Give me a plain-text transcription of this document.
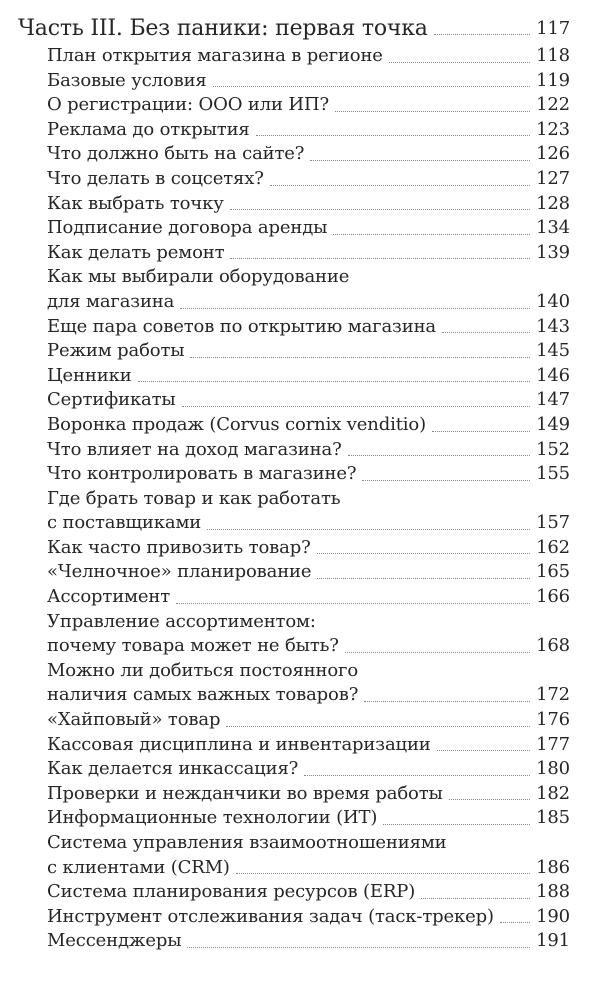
Часть III. Без паники: первая точка	117
План открытия магазина в регионе	118
Базовые условия	119
О регистрации: ООО или ИП?	122
Реклама до открытия	123
Что должно быть на сайте?	126
Что делать в соцсетях?	127
Как выбрать точку	128
Подписание договора аренды	134
Как делать ремонт	139
Как мы выбирали оборудование
для магазина	140
Еще пара советов по открытию магазина	143
Режим работы	145
Ценники	146
Сертификаты	147
Воронка продаж (Corvus cornix venditio)	149
Что влияет на доход магазина?	152
Что контролировать в магазине?	155
Где брать товар и как работать
с поставщиками	157
Как часто привозить товар?	162
«Челночное» планирование	165
Ассортимент	166
Управление ассортиментом:
почему товара может не быть?	168
Можно ли добиться постоянного
наличия самых важных товаров?	172
«Хайповый» товар	176
Кассовая дисциплина и инвентаризации	177
Как делается инкассация?	180
Проверки и нежданчики во время работы	182
Информационные технологии (ИТ)	185
Система управления взаимоотношениями
с клиентами (CRM)	186
Система планирования ресурсов (ERP)	188
Инструмент отслеживания задач (таск-трекер) 190
Мессенджеры	191
